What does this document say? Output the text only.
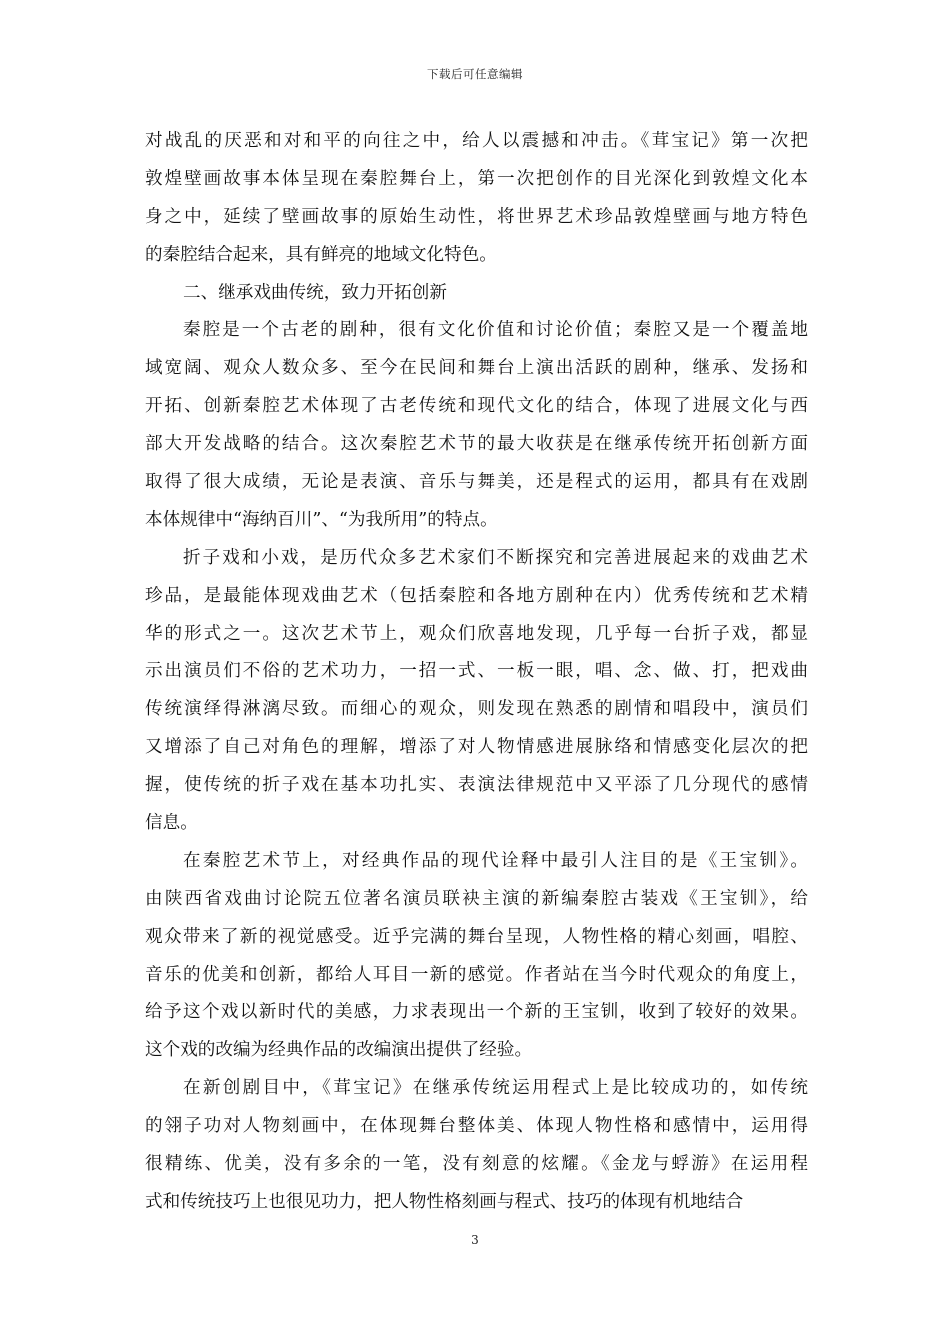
下载后可任意编辑
对战乱的厌恶和对和平的向往之中，给人以震撼和冲击。《茸宝记》第一次把
敦煌壁画故事本体呈现在秦腔舞台上，第一次把创作的目光深化到敦煌文化本
身之中，延续了壁画故事的原始生动性，将世界艺术珍品敦煌壁画与地方特色
的秦腔结合起来，具有鲜亮的地域文化特色。
二、继承戏曲传统，致力开拓创新
秦腔是一个古老的剧种，很有文化价值和讨论价值；秦腔又是一个覆盖地
域宽阔、观众人数众多、至今在民间和舞台上演出活跃的剧种，继承、发扬和
开拓、创新秦腔艺术体现了古老传统和现代文化的结合，体现了进展文化与西
部大开发战略的结合。这次秦腔艺术节的最大收获是在继承传统开拓创新方面
取得了很大成绩，无论是表演、音乐与舞美，还是程式的运用，都具有在戏剧
本体规律中“海纳百川”、“为我所用”的特点。
折子戏和小戏，是历代众多艺术家们不断探究和完善进展起来的戏曲艺术
珍品，是最能体现戏曲艺术（包括秦腔和各地方剧种在内）优秀传统和艺术精
华的形式之一。这次艺术节上，观众们欣喜地发现，几乎每一台折子戏，都显
示出演员们不俗的艺术功力，一招一式、一板一眼，唱、念、做、打，把戏曲
传统演绎得淋漓尽致。而细心的观众，则发现在熟悉的剧情和唱段中，演员们
又增添了自己对角色的理解，增添了对人物情感进展脉络和情感变化层次的把
握，使传统的折子戏在基本功扎实、表演法律规范中又平添了几分现代的感情
信息。
在秦腔艺术节上，对经典作品的现代诠释中最引人注目的是《王宝钏》。
由陕西省戏曲讨论院五位著名演员联袂主演的新编秦腔古装戏《王宝钏》，给
观众带来了新的视觉感受。近乎完满的舞台呈现，人物性格的精心刻画，唱腔、
音乐的优美和创新，都给人耳目一新的感觉。作者站在当今时代观众的角度上，
给予这个戏以新时代的美感，力求表现出一个新的王宝钏，收到了较好的效果。
这个戏的改编为经典作品的改编演出提供了经验。
在新创剧目中，《茸宝记》在继承传统运用程式上是比较成功的，如传统
的翎子功对人物刻画中，在体现舞台整体美、体现人物性格和感情中，运用得
很精练、优美，没有多余的一笔，没有刻意的炫耀。《金龙与蜉游》在运用程
式和传统技巧上也很见功力，把人物性格刻画与程式、技巧的体现有机地结合
3
